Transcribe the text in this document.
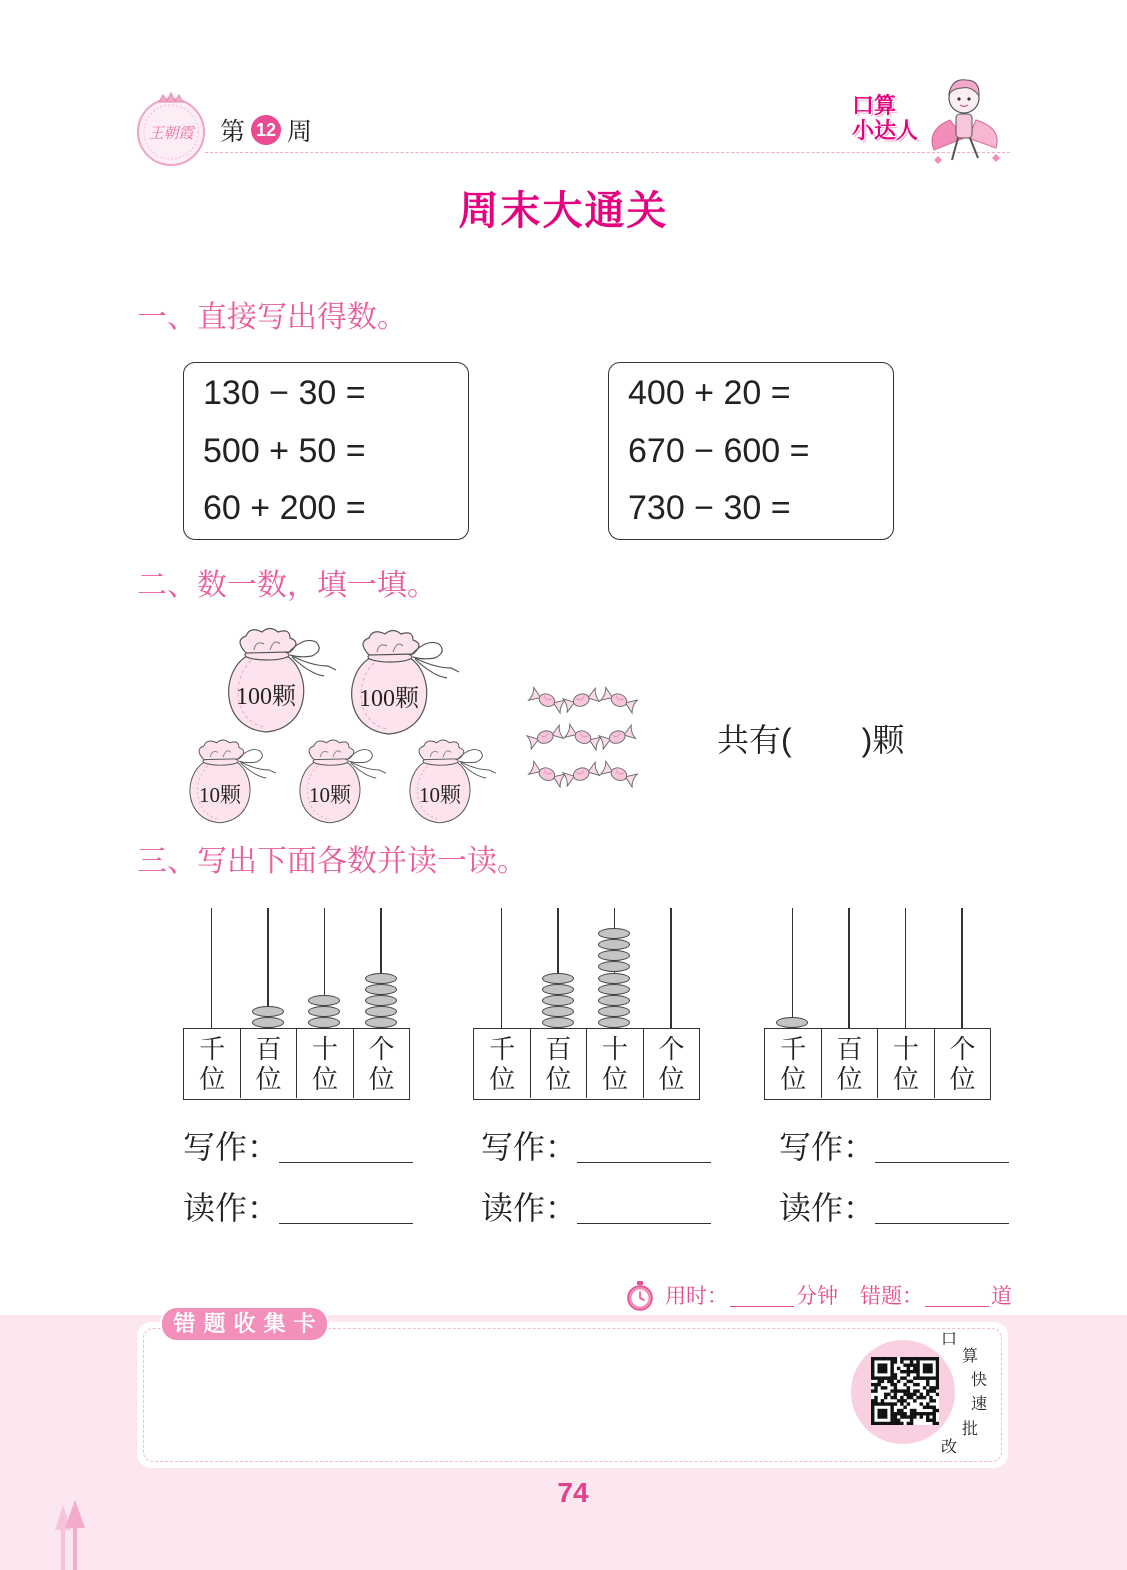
王朝霞 第 12 周
口算
小达人
周末大通关
一、直接写出得数。
130 − 30 =
500 + 50 =
60 + 200 =
400 + 20 =
670 − 600 =
730 − 30 =
二、数一数，填一填。
100颗	100颗
10颗	10颗	10颗
共有( )颗
三、写出下面各数并读一读。
千位
百位
十位
个位
千位
百位
十位
个位
千位
百位
十位
个位
写作：	写作：	写作：
读作：	读作：	读作：
用时：	分钟 错题：	道
错题收集卡
口
算
快
速
批
改
74
